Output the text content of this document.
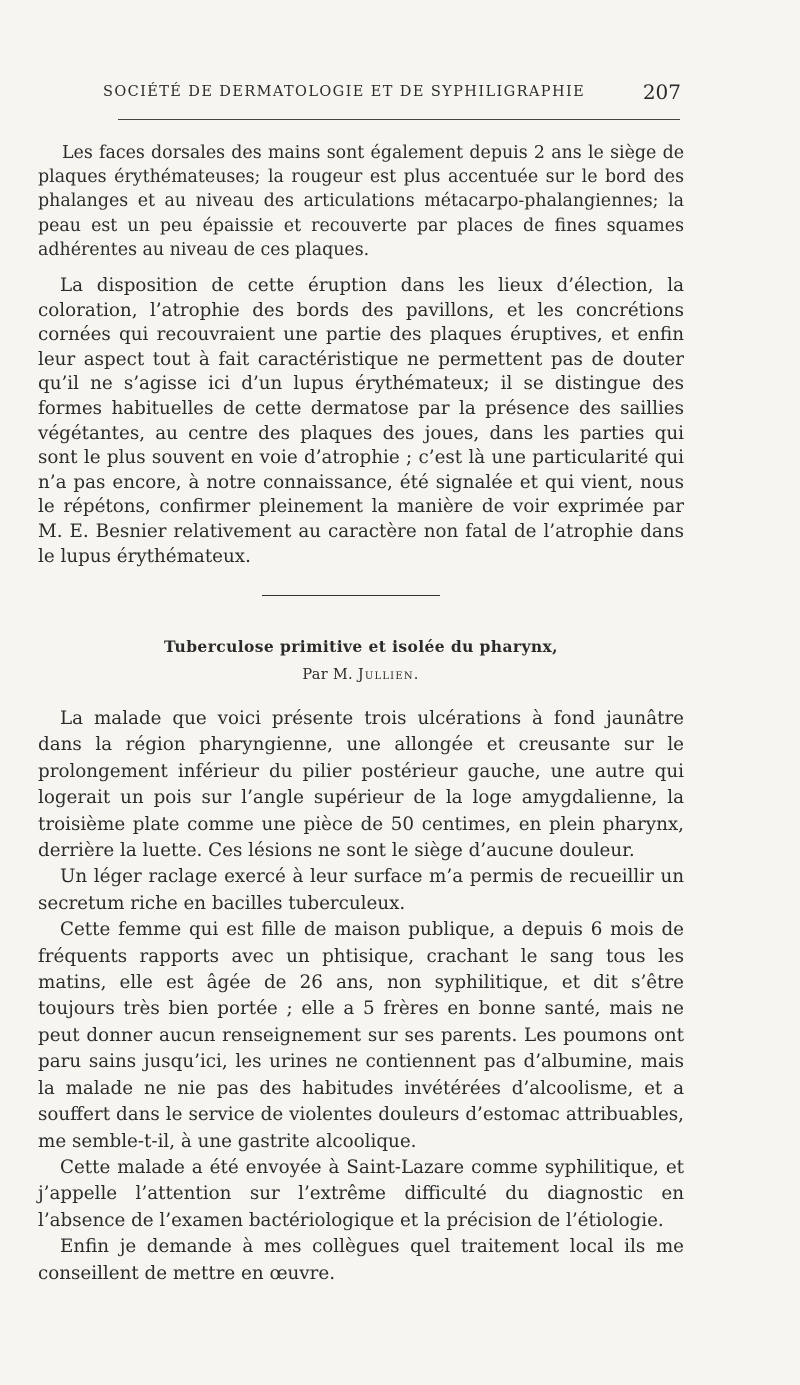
SOCIÉTÉ DE DERMATOLOGIE ET DE SYPHILIGRAPHIE	207

Les faces dorsales des mains sont également depuis 2 ans le siège de plaques érythémateuses; la rougeur est plus accentuée sur le bord des phalanges et au niveau des articulations métacarpo-phalangiennes; la peau est un peu épaissie et recouverte par places de fines squames adhérentes au niveau de ces plaques.

La disposition de cette éruption dans les lieux d’élection, la coloration, l’atrophie des bords des pavillons, et les concrétions cornées qui recouvraient une partie des plaques éruptives, et enfin leur aspect tout à fait caractéristique ne permettent pas de douter qu’il ne s’agisse ici d’un lupus érythémateux; il se distingue des formes habituelles de cette dermatose par la présence des saillies végétantes, au centre des plaques des joues, dans les parties qui sont le plus souvent en voie d’atrophie ; c’est là une particularité qui n’a pas encore, à notre connaissance, été signalée et qui vient, nous le répétons, confirmer pleinement la manière de voir exprimée par M. E. Besnier relativement au caractère non fatal de l’atrophie dans le lupus érythémateux.

Tuberculose primitive et isolée du pharynx,
Par M. Jullien.

La malade que voici présente trois ulcérations à fond jaunâtre dans la région pharyngienne, une allongée et creusante sur le prolongement inférieur du pilier postérieur gauche, une autre qui logerait un pois sur l’angle supérieur de la loge amygdalienne, la troisième plate comme une pièce de 50 centimes, en plein pharynx, derrière la luette. Ces lésions ne sont le siège d’aucune douleur.

Un léger raclage exercé à leur surface m’a permis de recueillir un secretum riche en bacilles tuberculeux.

Cette femme qui est fille de maison publique, a depuis 6 mois de fréquents rapports avec un phtisique, crachant le sang tous les matins, elle est âgée de 26 ans, non syphilitique, et dit s’être toujours très bien portée ; elle a 5 frères en bonne santé, mais ne peut donner aucun renseignement sur ses parents. Les poumons ont paru sains jusqu’ici, les urines ne contiennent pas d’albumine, mais la malade ne nie pas des habitudes invétérées d’alcoolisme, et a souffert dans le service de violentes douleurs d’estomac attribuables, me semble-t-il, à une gastrite alcoolique.

Cette malade a été envoyée à Saint-Lazare comme syphilitique, et j’appelle l’attention sur l’extrême difficulté du diagnostic en l’absence de l’examen bactériologique et la précision de l’étiologie.

Enfin je demande à mes collègues quel traitement local ils me conseillent de mettre en œuvre.
